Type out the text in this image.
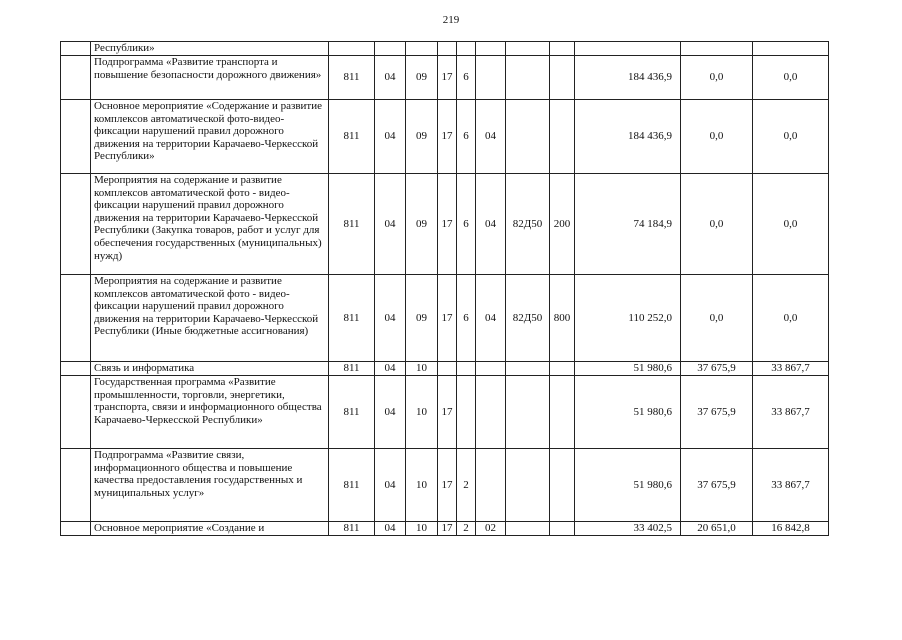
219
	Республики»											
	Подпрограмма «Развитие транспорта и повышение безопасности дорожного движения»	811	04	09	17	6				184 436,9	0,0	0,0
	Основное мероприятие «Содержание и развитие комплексов автоматической фото-видео-фиксации нарушений правил дорожного движения на территории Карачаево-Черкесской Республики»	811	04	09	17	6	04			184 436,9	0,0	0,0
	Мероприятия на содержание и развитие комплексов автоматической фото - видео-фиксации нарушений правил дорожного движения на территории Карачаево-Черкесской Республики (Закупка товаров, работ и услуг для обеспечения государственных (муниципальных) нужд)	811	04	09	17	6	04	82Д50	200	74 184,9	0,0	0,0
	Мероприятия на содержание и развитие комплексов автоматической фото - видео-фиксации нарушений правил дорожного движения на территории Карачаево-Черкесской Республики (Иные бюджетные ассигнования)	811	04	09	17	6	04	82Д50	800	110 252,0	0,0	0,0
	Связь и информатика	811	04	10						51 980,6	37 675,9	33 867,7
	Государственная программа «Развитие промышленности, торговли, энергетики, транспорта, связи и информационного общества Карачаево-Черкесской Республики»	811	04	10	17					51 980,6	37 675,9	33 867,7
	Подпрограмма «Развитие связи, информационного общества и повышение качества предоставления государственных и муниципальных услуг»	811	04	10	17	2				51 980,6	37 675,9	33 867,7
	Основное мероприятие «Создание и	811	04	10	17	2	02			33 402,5	20 651,0	16 842,8
